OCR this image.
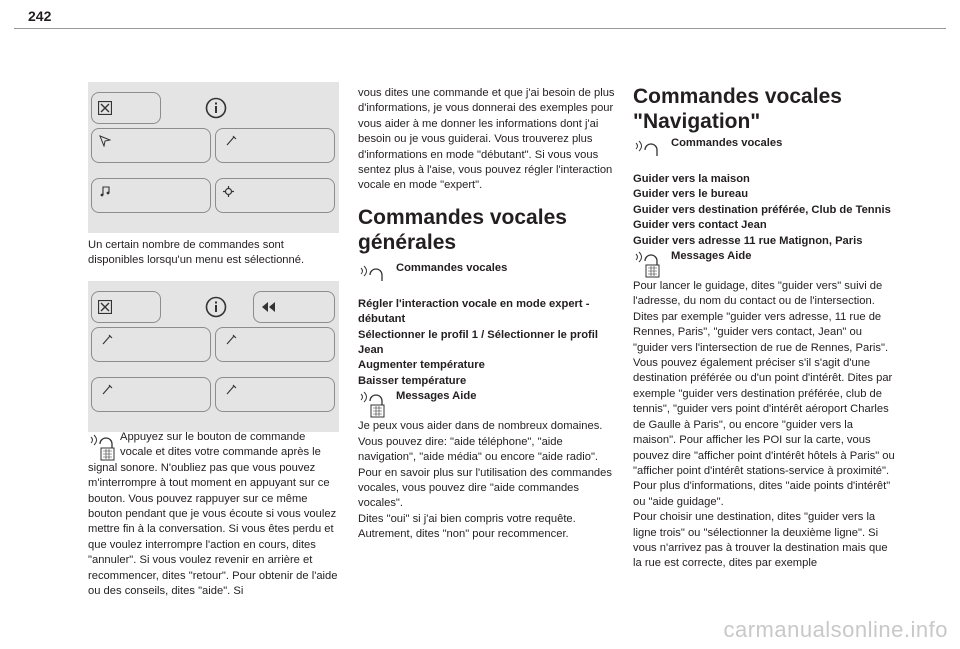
242

Un certain nombre de commandes sont disponibles lorsqu'un menu est sélectionné.

Appuyez sur le bouton de commande vocale et dites votre commande après le

signal sonore. N'oubliez pas que vous pouvez m'interrompre à tout moment en appuyant sur ce bouton. Vous pouvez rappuyer sur ce même bouton pendant que je vous écoute si vous voulez mettre fin à la conversation. Si vous êtes perdu et que voulez interrompre l'action en cours, dites "annuler". Si vous voulez revenir en arrière et recommencer, dites "retour". Pour obtenir de l'aide ou des conseils, dites "aide". Si

vous dites une commande et que j'ai besoin de plus d'informations, je vous donnerai des exemples pour vous aider à me donner les informations dont j'ai besoin ou je vous guiderai. Vous trouverez plus d'informations en mode "débutant". Si vous vous sentez plus à l'aise, vous pouvez régler l'interaction vocale en mode "expert".

Commandes vocales générales
Commandes vocales

Régler l'interaction vocale en mode expert - débutant

Sélectionner le profil 1 / Sélectionner le profil Jean

Augmenter température

Baisser température

Messages Aide

Je peux vous aider dans de nombreux domaines. Vous pouvez dire: "aide téléphone", "aide navigation", "aide média" ou encore "aide radio". Pour en savoir plus sur l'utilisation des commandes vocales, vous pouvez dire "aide commandes vocales".

Dites "oui" si j'ai bien compris votre requête. Autrement, dites "non" pour recommencer.

Commandes vocales "Navigation"
Commandes vocales

Guider vers la maison

Guider vers le bureau

Guider vers destination préférée, Club de Tennis

Guider vers contact Jean

Guider vers adresse 11 rue Matignon, Paris

Messages Aide

Pour lancer le guidage, dites "guider vers" suivi de l'adresse, du nom du contact ou de l'intersection. Dites par exemple "guider vers adresse, 11 rue de Rennes, Paris", "guider vers contact, Jean" ou "guider vers l'intersection de rue de Rennes, Paris". Vous pouvez également préciser s'il s'agit d'une destination préférée ou d'un point d'intérêt. Dites par exemple "guider vers destination préférée, club de tennis", "guider vers point d'intérêt aéroport Charles de Gaulle à Paris", ou encore "guider vers la maison". Pour afficher les POI sur la carte, vous pouvez dire "afficher point d'intérêt hôtels à Paris" ou "afficher point d'intérêt stations-service à proximité". Pour plus d'informations, dites "aide points d'intérêt" ou "aide guidage".

Pour choisir une destination, dites "guider vers la ligne trois" ou "sélectionner la deuxième ligne". Si vous n'arrivez pas à trouver la destination mais que la rue est correcte, dites par exemple

carmanualsonline.info
